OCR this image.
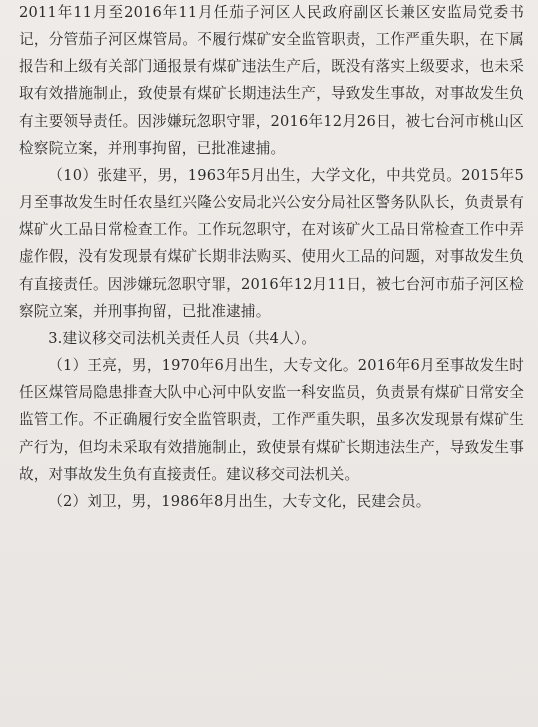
2011年11月至2016年11月任茄子河区人民政府副区长兼区安监局党委书记，分管茄子河区煤管局。不履行煤矿安全监管职责，工作严重失职，在下属报告和上级有关部门通报景有煤矿违法生产后，既没有落实上级要求，也未采取有效措施制止，致使景有煤矿长期违法生产，导致发生事故，对事故发生负有主要领导责任。因涉嫌玩忽职守罪，2016年12月26日，被七台河市桃山区检察院立案，并刑事拘留，已批准逮捕。

（10）张建平，男，1963年5月出生，大学文化，中共党员。2015年5月至事故发生时任农垦红兴隆公安局北兴公安分局社区警务队队长，负责景有煤矿火工品日常检查工作。工作玩忽职守，在对该矿火工品日常检查工作中弄虚作假，没有发现景有煤矿长期非法购买、使用火工品的问题，对事故发生负有直接责任。因涉嫌玩忽职守罪，2016年12月11日，被七台河市茄子河区检察院立案，并刑事拘留，已批准逮捕。

3.建议移交司法机关责任人员（共4人）。

（1）王亮，男，1970年6月出生，大专文化。2016年6月至事故发生时任区煤管局隐患排查大队中心河中队安监一科安监员，负责景有煤矿日常安全监管工作。不正确履行安全监管职责，工作严重失职，虽多次发现景有煤矿生产行为，但均未采取有效措施制止，致使景有煤矿长期违法生产，导致发生事故，对事故发生负有直接责任。建议移交司法机关。

（2）刘卫，男，1986年8月出生，大专文化，民建会员。
